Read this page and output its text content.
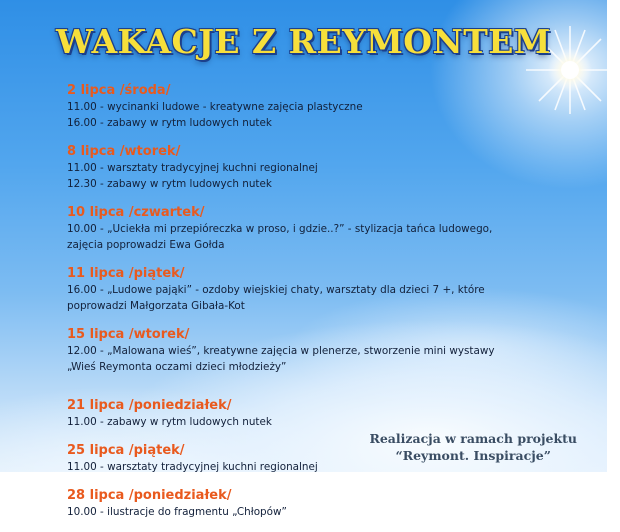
WAKACJE Z REYMONTEM
2 lipca /środa/
11.00 - wycinanki ludowe - kreatywne zajęcia plastyczne
16.00 - zabawy w rytm ludowych nutek
8 lipca /wtorek/
11.00 - warsztaty tradycyjnej kuchni regionalnej
12.30 - zabawy w rytm ludowych nutek
10 lipca /czwartek/
10.00 - „Uciekła mi przepióreczka w proso, i gdzie..?” - stylizacja tańca ludowego,
zajęcia poprowadzi Ewa Gołda
11 lipca /piątek/
16.00 - „Ludowe pająki” - ozdoby wiejskiej chaty, warsztaty dla dzieci 7 +, które
poprowadzi Małgorzata Gibała-Kot
15 lipca /wtorek/
12.00 - „Malowana wieś”, kreatywne zajęcia w plenerze, stworzenie mini wystawy
„Wieś Reymonta oczami dzieci młodzieży”
21 lipca /poniedziałek/
11.00 - zabawy w rytm ludowych nutek
25 lipca /piątek/
11.00 - warsztaty tradycyjnej kuchni regionalnej
28 lipca /poniedziałek/
10.00 - ilustracje do fragmentu „Chłopów”
Realizacja w ramach projektu
“Reymont. Inspiracje”
